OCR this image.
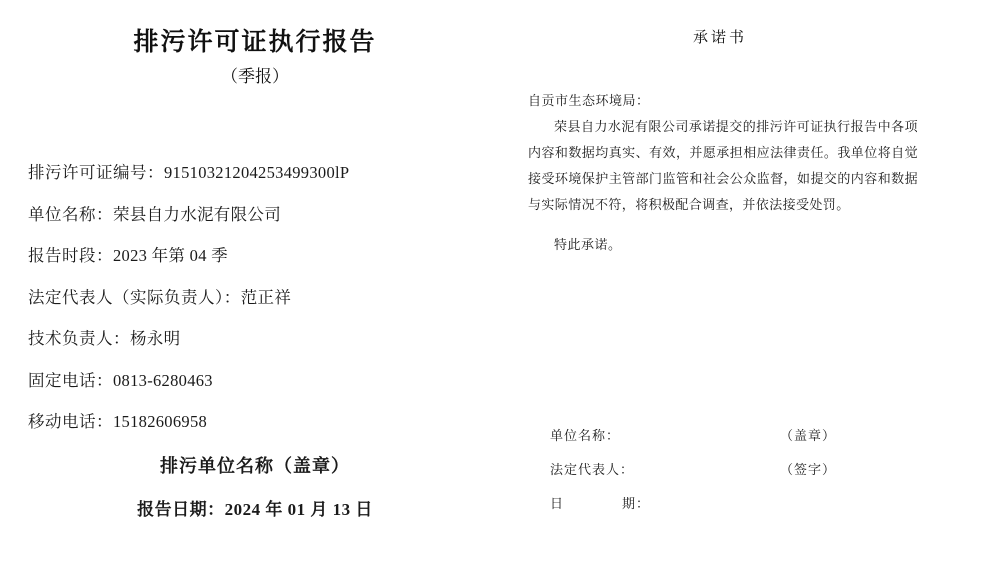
排污许可证执行报告
（季报）
排污许可证编号：91510321204253499300lP
单位名称：荣县自力水泥有限公司
报告时段：2023 年第 04 季
法定代表人（实际负责人）：范正祥
技术负责人：杨永明
固定电话：0813-6280463
移动电话：15182606958
排污单位名称（盖章）
报告日期：2024 年 01 月 13 日
承诺书
自贡市生态环境局：
荣县自力水泥有限公司承诺提交的排污许可证执行报告中各项内容和数据均真实、有效，并愿承担相应法律责任。我单位将自觉接受环境保护主管部门监管和社会公众监督，如提交的内容和数据与实际情况不符，将积极配合调查，并依法接受处罚。
特此承诺。
单位名称：	（盖章）
法定代表人：	（签字）
日	期：
